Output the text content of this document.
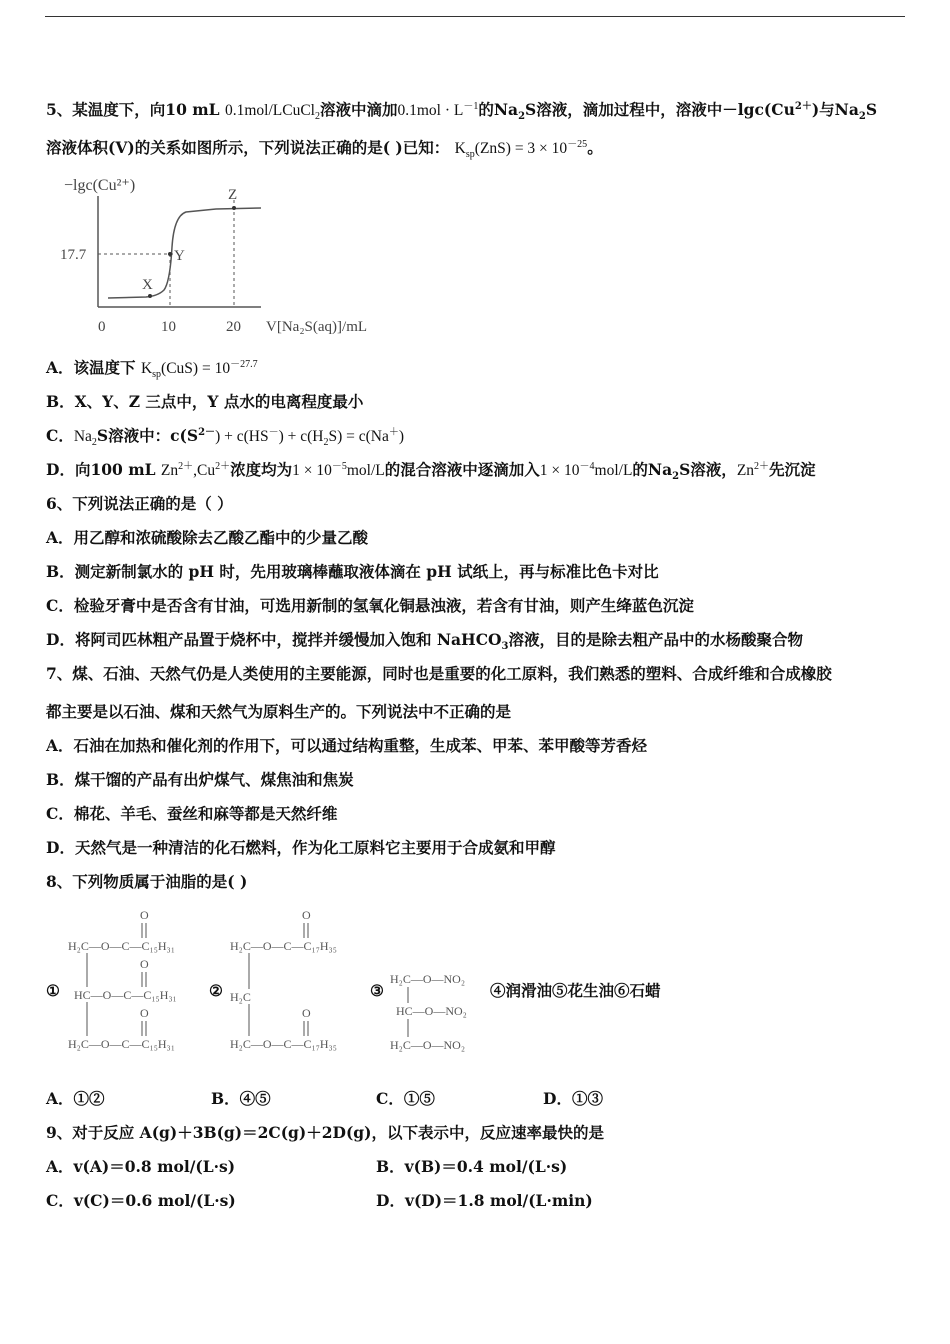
5、某温度下，向10 mL 0.1mol/LCuCl$_2$溶液中滴加$0.1mol \cdot L^{-1}$的$Na_2S$溶液，滴加过程中，溶液中$-\lg c(Cu^{2+})$与$Na_2S$
溶液体积(V)的关系如图所示，下列说法正确的是( )已知： $K_{sp}(ZnS) = 3 \times 10^{-25}$。
−lgc(Cu²⁺)
17.7
X
Y
Z
0	10	20 V[Na₂S(aq)]/mL
A．该温度下 $K_{sp}(CuS) = 10^{-27.7}$
B．X、Y、Z 三点中，Y 点水的电离程度最小
C．$Na_2S$溶液中：$c(S^{2-}) + c(HS^-) + c(H_2S) = c(Na^+)$
D．向100 mL $Zn^{2+},Cu^{2+}$浓度均为$1 \times 10^{-5}mol/L$的混合溶液中逐滴加入$1 \times 10^{-4}mol/L$的$Na_2S$溶液，$Zn^{2+}$先沉淀
6、下列说法正确的是（ ）
A．用乙醇和浓硫酸除去乙酸乙酯中的少量乙酸
B．测定新制氯水的 pH 时，先用玻璃棒蘸取液体滴在 pH 试纸上，再与标准比色卡对比
C．检验牙膏中是否含有甘油，可选用新制的氢氧化铜悬浊液，若含有甘油，则产生绛蓝色沉淀
D．将阿司匹林粗产品置于烧杯中，搅拌并缓慢加入饱和 NaHCO$_3$溶液，目的是除去粗产品中的水杨酸聚合物
7、煤、石油、天然气仍是人类使用的主要能源，同时也是重要的化工原料，我们熟悉的塑料、合成纤维和合成橡胶
都主要是以石油、煤和天然气为原料生产的。下列说法中不正确的是
A．石油在加热和催化剂的作用下，可以通过结构重整，生成苯、甲苯、苯甲酸等芳香烃
B．煤干馏的产品有出炉煤气、煤焦油和焦炭
C．棉花、羊毛、蚕丝和麻等都是天然纤维
D．天然气是一种清洁的化石燃料，作为化工原料它主要用于合成氨和甲醇
8、下列物质属于油脂的是( )
①	②	③	④润滑油⑤花生油⑥石蜡
O
O
O
H₂C—O—C—C₁₅H₃₁
HC—O—C—C₁₅H₃₁
H₂C—O—C—C₁₅H₃₁
O
O
H₂C—O—C—C₁₇H₃₅
H₂C
H₂C—O—C—C₁₇H₃₅
H₂C—O—NO₂
HC—O—NO₂
H₂C—O—NO₂
A．①②	B．④⑤	C．①⑤	D．①③
9、对于反应 A(g)＋3B(g)＝2C(g)＋2D(g)，以下表示中，反应速率最快的是
A．v(A)＝0.8 mol/(L·s)	B．v(B)＝0.4 mol/(L·s)
C．v(C)＝0.6 mol/(L·s)	D．v(D)＝1.8 mol/(L·min)
